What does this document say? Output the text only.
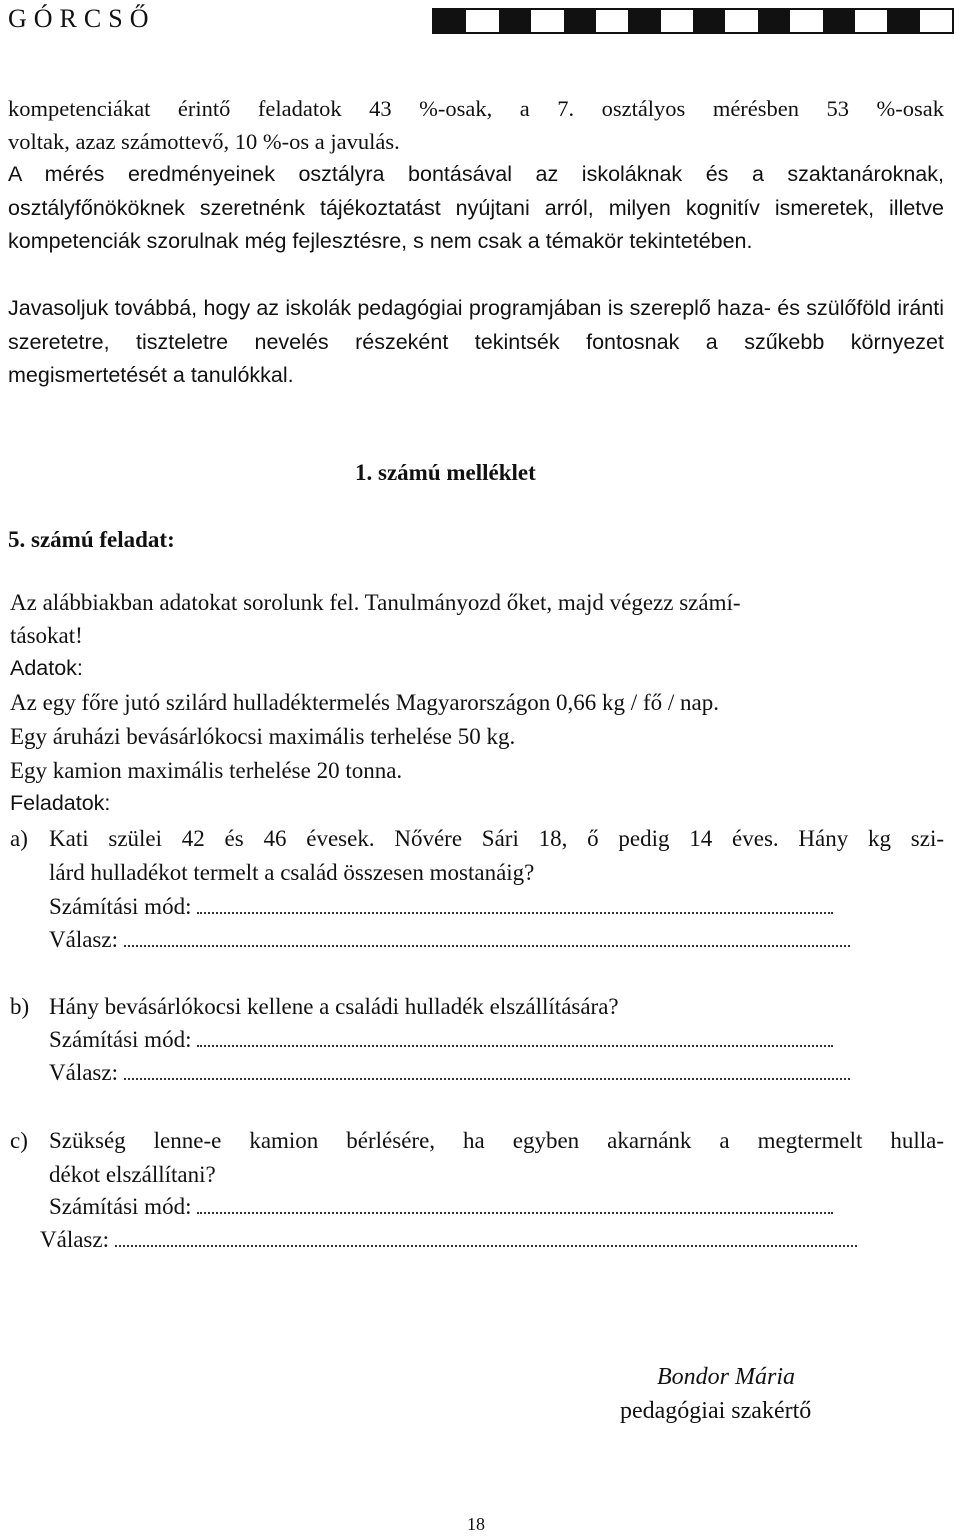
GÓRCSŐ

kompetenciákat érintő feladatok 43 %-osak, a 7. osztályos mérésben 53 %-osak

voltak, azaz számottevő, 10 %-os a javulás.

A mérés eredményeinek osztályra bontásával az iskoláknak és a szaktanároknak, osztályfőnököknek szeretnénk tájékoztatást nyújtani arról, milyen kognitív ismeretek, illetve kompetenciák szorulnak még fejlesztésre, s nem csak a témakör tekintetében.

Javasoljuk továbbá, hogy az iskolák pedagógiai programjában is szereplő haza- és szülőföld iránti szeretetre, tiszteletre nevelés részeként tekintsék fontosnak a szűkebb környezet megismertetését a tanulókkal.

1. számú melléklet
5. számú feladat:
Az alábbiakban adatokat sorolunk fel. Tanulmányozd őket, majd végezz számí-
tásokat!
Adatok:
Az egy főre jutó szilárd hulladéktermelés Magyarországon 0,66 kg / fő / nap.
Egy áruházi bevásárlókocsi maximális terhelése 50 kg.
Egy kamion maximális terhelése 20 tonna.
Feladatok:
a) Kati szülei 42 és 46 évesek. Nővére Sári 18, ő pedig 14 éves. Hány kg szi-
lárd hulladékot termelt a család összesen mostanáig?
Számítási mód:
Válasz:
b) Hány bevásárlókocsi kellene a családi hulladék elszállítására?
Számítási mód:
Válasz:
c) Szükség lenne-e kamion bérlésére, ha egyben akarnánk a megtermelt hulla-
dékot elszállítani?
Számítási mód:
Válasz:
Bondor Mária
pedagógiai szakértő
18
